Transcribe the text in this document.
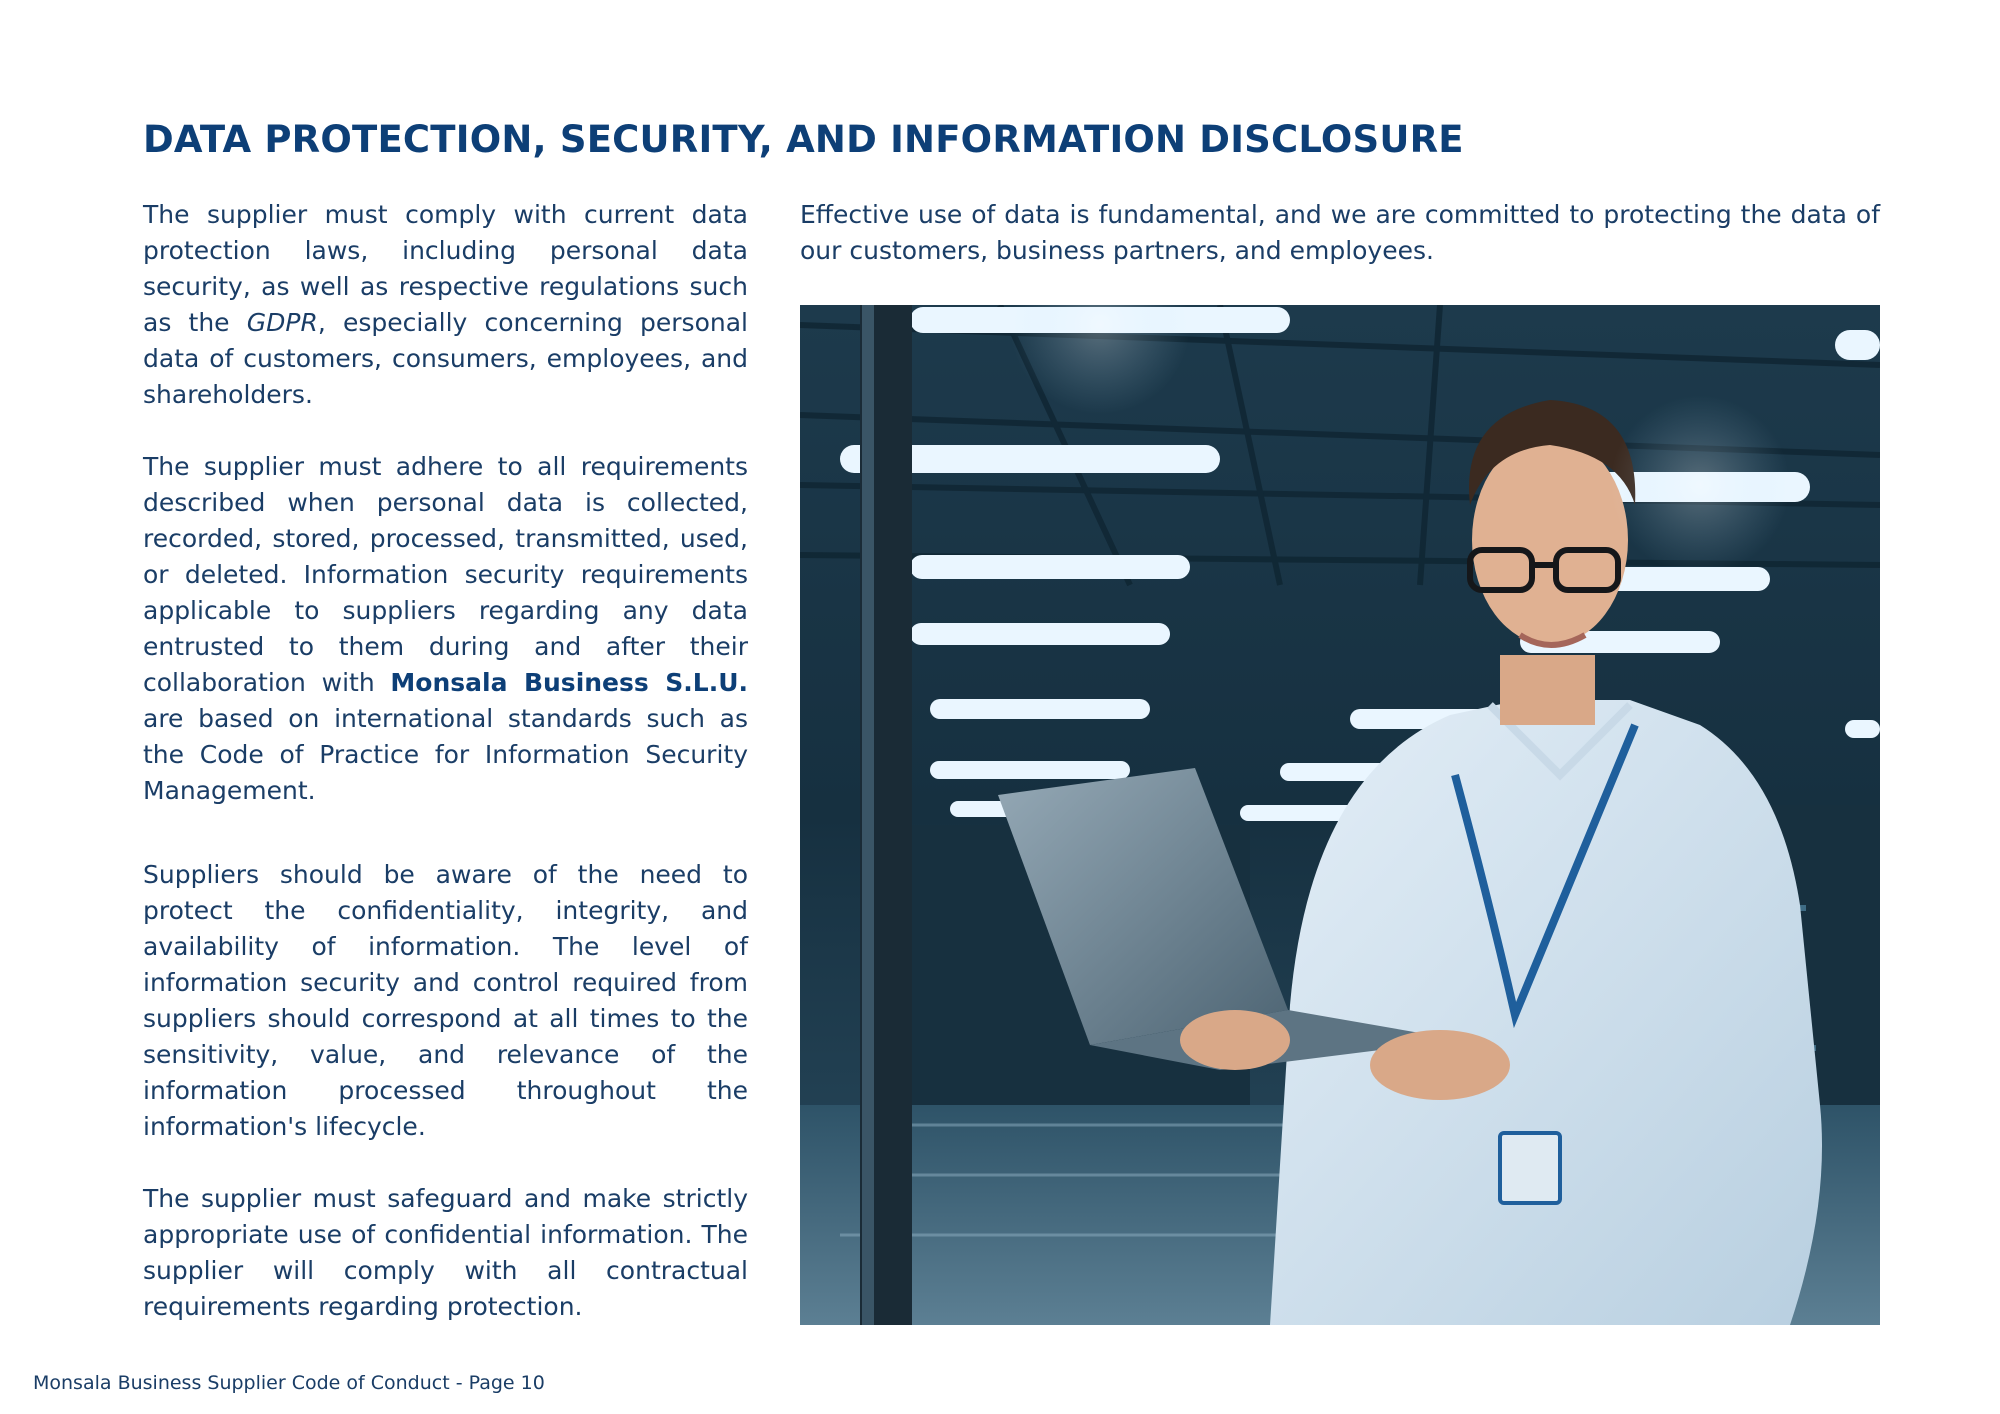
DATA PROTECTION, SECURITY, AND INFORMATION DISCLOSURE

The supplier must comply with current data protection laws, including personal data security, as well as respective regulations such as the GDPR, especially concerning personal data of customers, consumers, employees, and shareholders.

The supplier must adhere to all requirements described when personal data is collected, recorded, stored, processed, transmitted, used, or deleted. Information security requirements applicable to suppliers regarding any data entrusted to them during and after their collaboration with Monsala Business S.L.U. are based on international standards such as the Code of Practice for Information Security Management.

Suppliers should be aware of the need to protect the confidentiality, integrity, and availability of information. The level of information security and control required from suppliers should correspond at all times to the sensitivity, value, and relevance of the information processed throughout the information's lifecycle.

The supplier must safeguard and make strictly appropriate use of confidential information. The supplier will comply with all contractual requirements regarding protection.

Effective use of data is fundamental, and we are committed to protecting the data of our customers, business partners, and employees.

Monsala Business Supplier Code of Conduct - Page 10
